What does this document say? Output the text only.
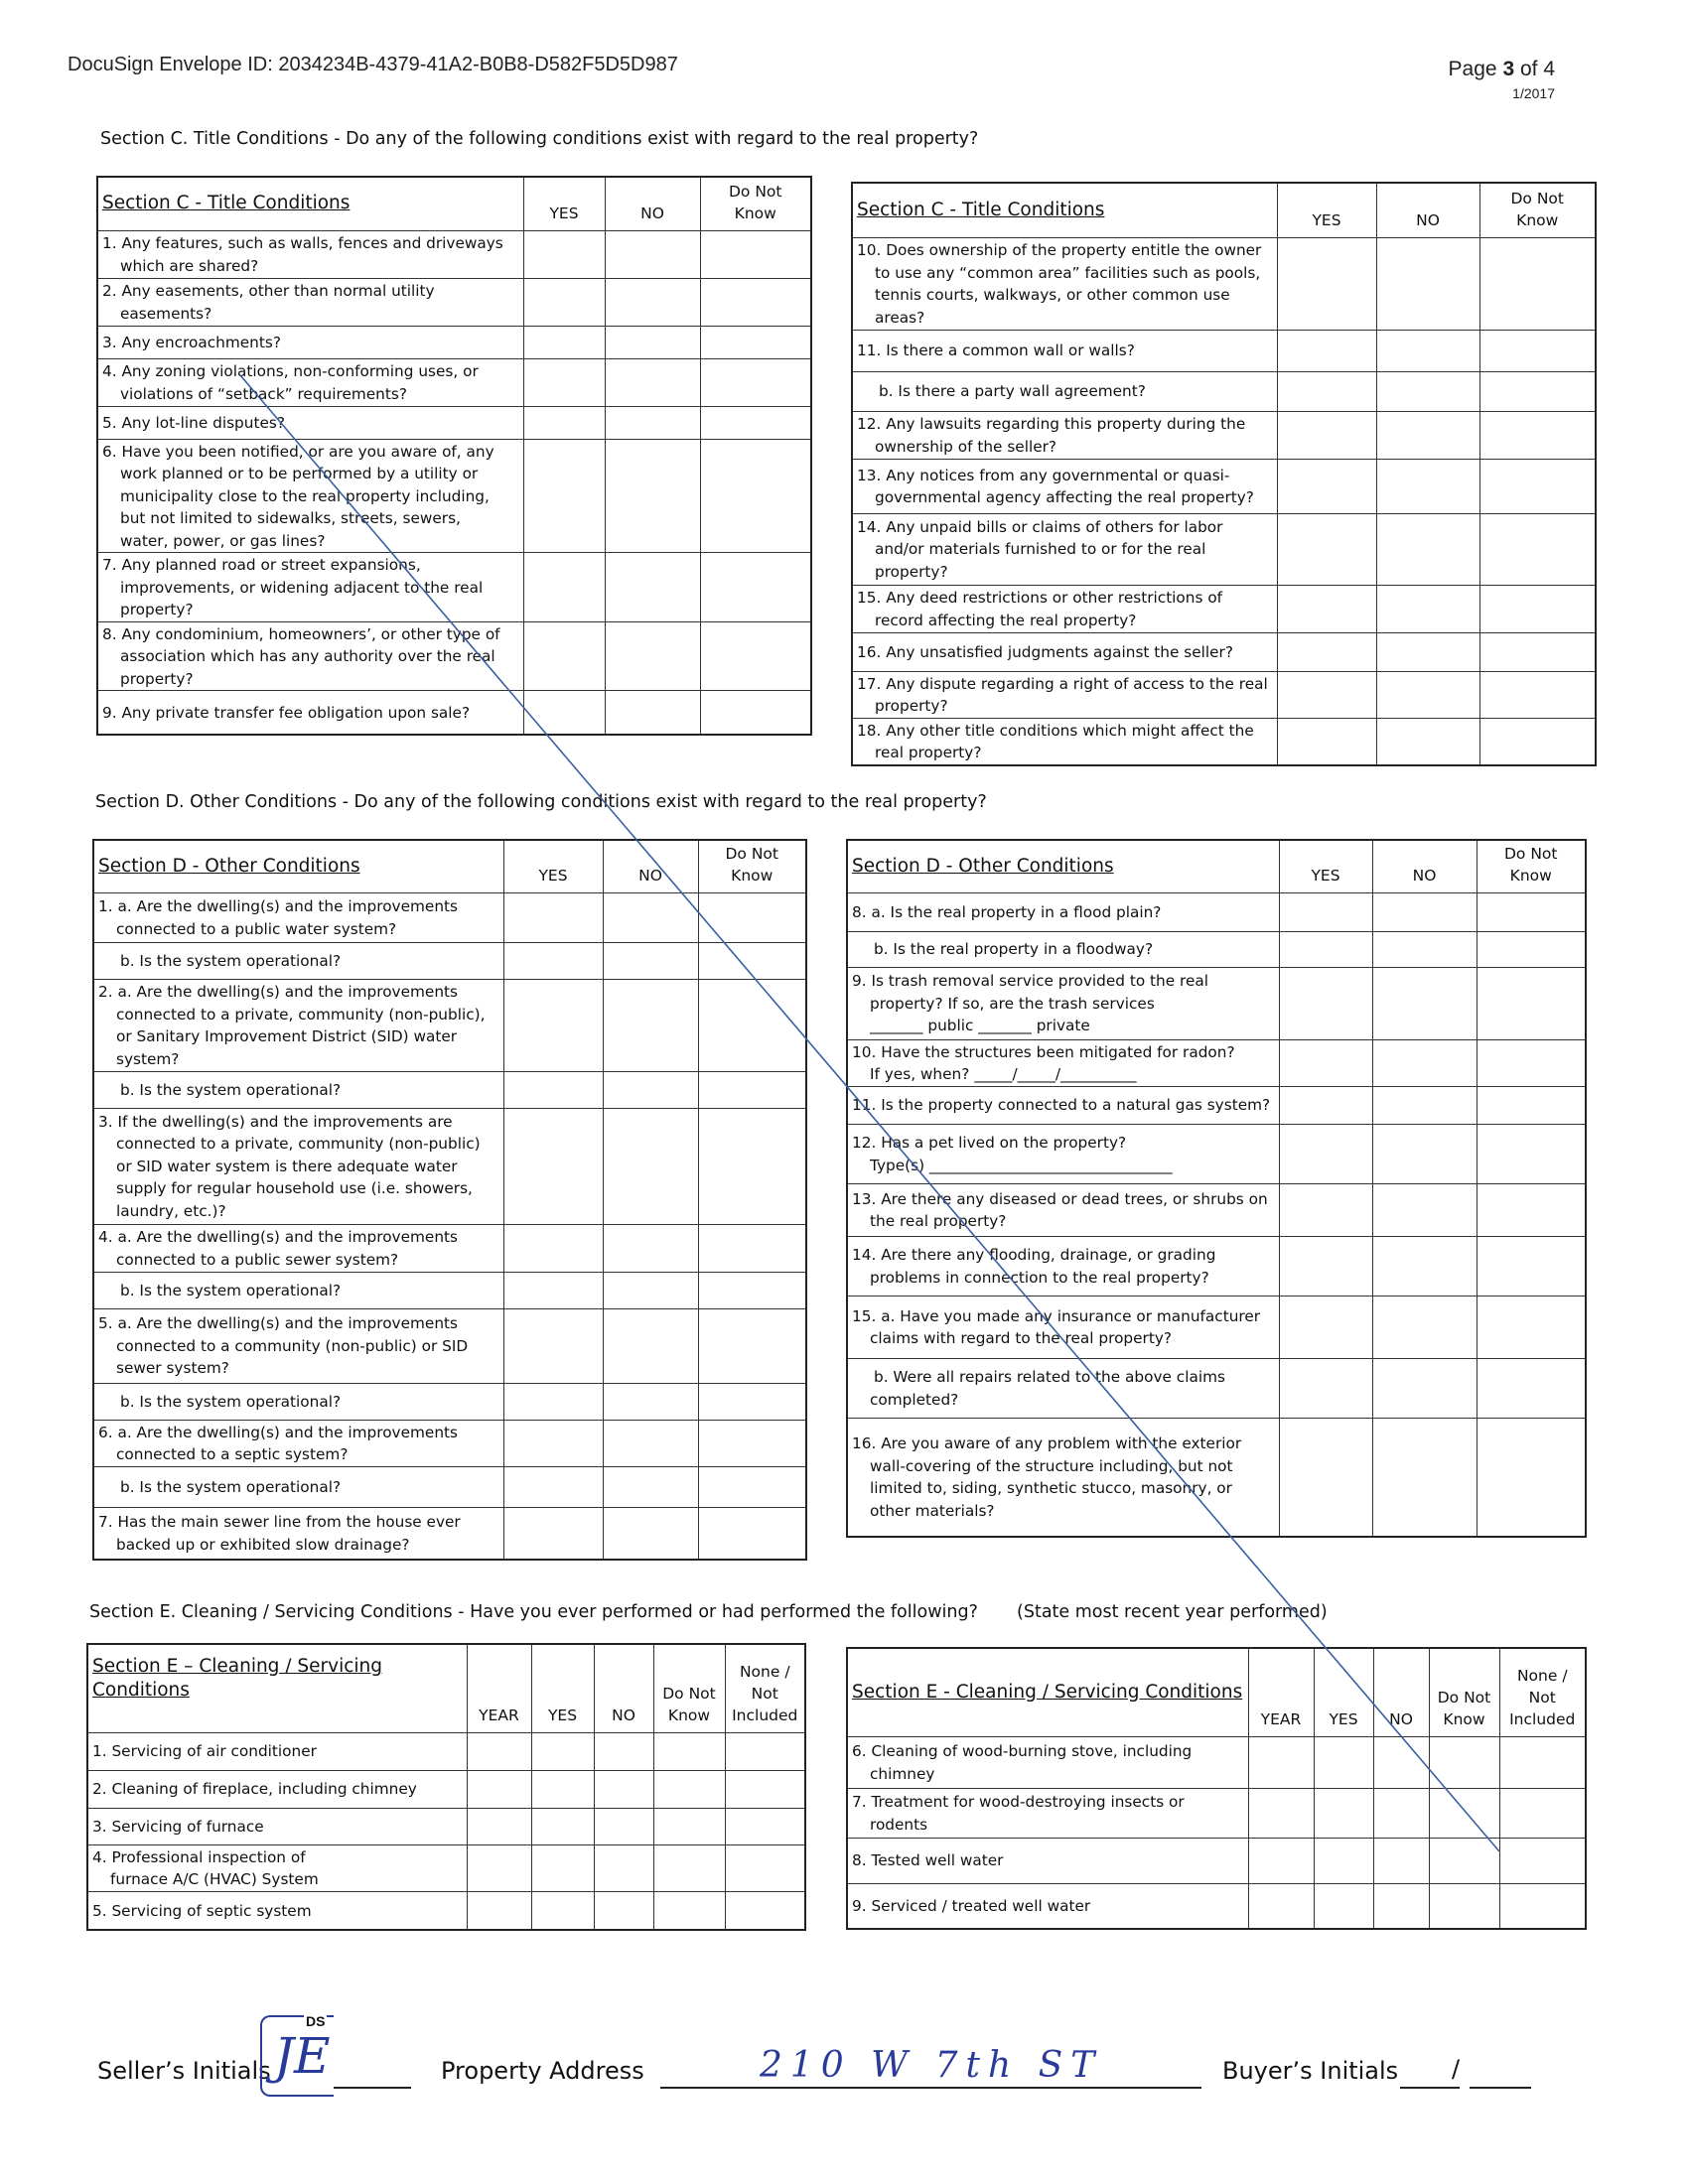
DocuSign Envelope ID: 2034234B-4379-41A2-B0B8-D582F5D5D987	Page 3 of 4
1/2017
Section C. Title Conditions - Do any of the following conditions exist with regard to the real property?
Section C - Title Conditions	YES	NO	Do Not
Know

1. Any features, such as walls, fences and driveways
which are shared?			

2. Any easements, other than normal utility
easements?			

3. Any encroachments?			

4. Any zoning violations, non-conforming uses, or
violations of “setback” requirements?			

5. Any lot-line disputes?			

6. Have you been notified, or are you aware of, any
work planned or to be performed by a utility or
municipality close to the real property including,
but not limited to sidewalks, streets, sewers,
water, power, or gas lines?			

7. Any planned road or street expansions,
improvements, or widening adjacent to the real
property?			

8. Any condominium, homeowners’, or other type of
association which has any authority over the real
property?			

9. Any private transfer fee obligation upon sale?			

Section C - Title Conditions	YES	NO	Do Not
Know

10. Does ownership of the property entitle the owner
to use any “common area” facilities such as pools,
tennis courts, walkways, or other common use
areas?			

11. Is there a common wall or walls?			

b. Is there a party wall agreement?			

12. Any lawsuits regarding this property during the
ownership of the seller?			

13. Any notices from any governmental or quasi-
governmental agency affecting the real property?			

14. Any unpaid bills or claims of others for labor
and/or materials furnished to or for the real
property?			

15. Any deed restrictions or other restrictions of
record affecting the real property?			

16. Any unsatisfied judgments against the seller?			

17. Any dispute regarding a right of access to the real
property?			

18. Any other title conditions which might affect the
real property?			

Section D. Other Conditions - Do any of the following conditions exist with regard to the real property?
Section D - Other Conditions	YES	NO	Do Not
Know

1. a. Are the dwelling(s) and the improvements
connected to a public water system?			

b. Is the system operational?			

2. a. Are the dwelling(s) and the improvements
connected to a private, community (non-public),
or Sanitary Improvement District (SID) water
system?			

b. Is the system operational?			

3. If the dwelling(s) and the improvements are
connected to a private, community (non-public)
or SID water system is there adequate water
supply for regular household use (i.e. showers,
laundry, etc.)?			

4. a. Are the dwelling(s) and the improvements
connected to a public sewer system?			

b. Is the system operational?			

5. a. Are the dwelling(s) and the improvements
connected to a community (non-public) or SID
sewer system?			

b. Is the system operational?			

6. a. Are the dwelling(s) and the improvements
connected to a septic system?			

b. Is the system operational?			

7. Has the main sewer line from the house ever
backed up or exhibited slow drainage?			

Section D - Other Conditions	YES	NO	Do Not
Know

8. a. Is the real property in a flood plain?			

b. Is the real property in a floodway?			

9. Is trash removal service provided to the real
property? If so, are the trash services
_______ public _______ private			

10. Have the structures been mitigated for radon?
If yes, when? _____/_____/__________			

11. Is the property connected to a natural gas system?			

12. Has a pet lived on the property?
Type(s) ________________________________			

13. Are there any diseased or dead trees, or shrubs on
the real property?			

14. Are there any flooding, drainage, or grading
problems in connection to the real property?			

15. a. Have you made any insurance or manufacturer
claims with regard to the real property?			

b. Were all repairs related to the above claims
completed?			

16. Are you aware of any problem with the exterior
wall-covering of the structure including, but not
limited to, siding, synthetic stucco, masonry, or
other materials?			

Section E. Cleaning / Servicing Conditions - Have you ever performed or had performed the following? (State most recent year performed)
Section E – Cleaning / Servicing
Conditions	YEAR	YES	NO	Do Not
Know	None /
Not
Included

1. Servicing of air conditioner					

2. Cleaning of fireplace, including chimney					

3. Servicing of furnace					

4. Professional inspection of
furnace A/C (HVAC) System					

5. Servicing of septic system					

Section E - Cleaning / Servicing Conditions	YEAR	YES	NO	Do Not
Know	None /
Not
Included

6. Cleaning of wood-burning stove, including
chimney					

7. Treatment for wood-destroying insects or
rodents					

8. Tested well water					

9. Serviced / treated well water					

Seller’s Initials
DS
JE	Property Address	210 W 7th ST	Buyer’s Initials /
